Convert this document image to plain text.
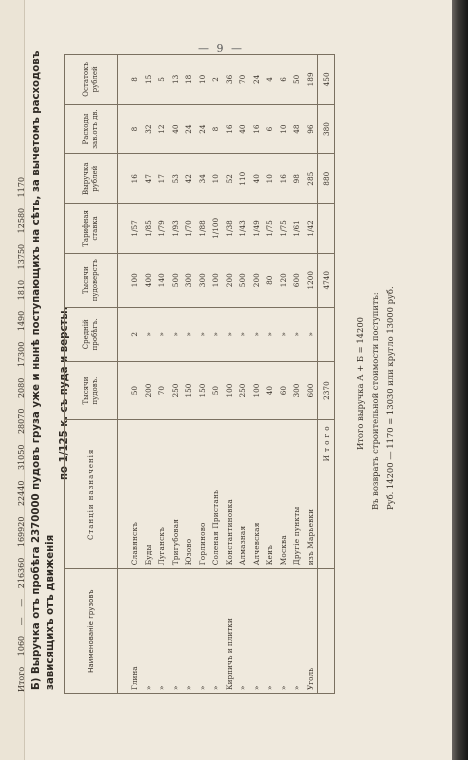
— 9 —
Б) Выручка отъ пробѣга 2370000 пудовъ груза уже и нынѣ поступающихъ на сѣть, за вычетомъ расходовъ зависящихъ отъ движенія
по 1/125 к. съ пуда и версты.
Наименованіе грузовъ	Станціи назначенія	Тысячи пудовъ.	Средній пробѣгъ.	Тысячи пудоверстъ	Тарифная ставка	Выручка рублей	Расходы зав.отъ дв.	Остатокъ рублей
Глина	Славянскъ	50	2	100	1/57	16	8	8
»	Буды	200	»	400	1/85	47	32	15
»	Луганскъ	70	»	140	1/79	17	12	5
»	Тригубовая	250	»	500	1/93	53	40	13
»	Юзово	150	»	300	1/70	42	24	18
»	Горлиново	150	»	300	1/88	34	24	10
»	Соленая Пристань	50	»	100	1/100	10	8	2
Кирпичъ и плитки	Константиновка	100	»	200	1/38	52	16	36
»	Алмазная	250	»	500	1/43	110	40	70
»	Алчевская	100	»	200	1/49	40	16	24
»	Кеиъ	40	»	80	1/75	10	6	4
»	Москва	60	»	120	1/75	16	10	6
»	Другіе пункты	300	»	600	1/61	98	48	50
Уголь	изъ Марьевки	600	»	1200	1/42	285	96	189
	Итого	2370		4740		880	380	450
Итого выручка А + Б = 14200 Въ возвратъ строительной стоимости поступитъ: Руб. 14200 — 1170 = 13030 или круглo 13000 руб.
Итого 1060 — — 216360 169920 22440 31050 28070 2080 17300 1490 1810 13750 12580 1170
